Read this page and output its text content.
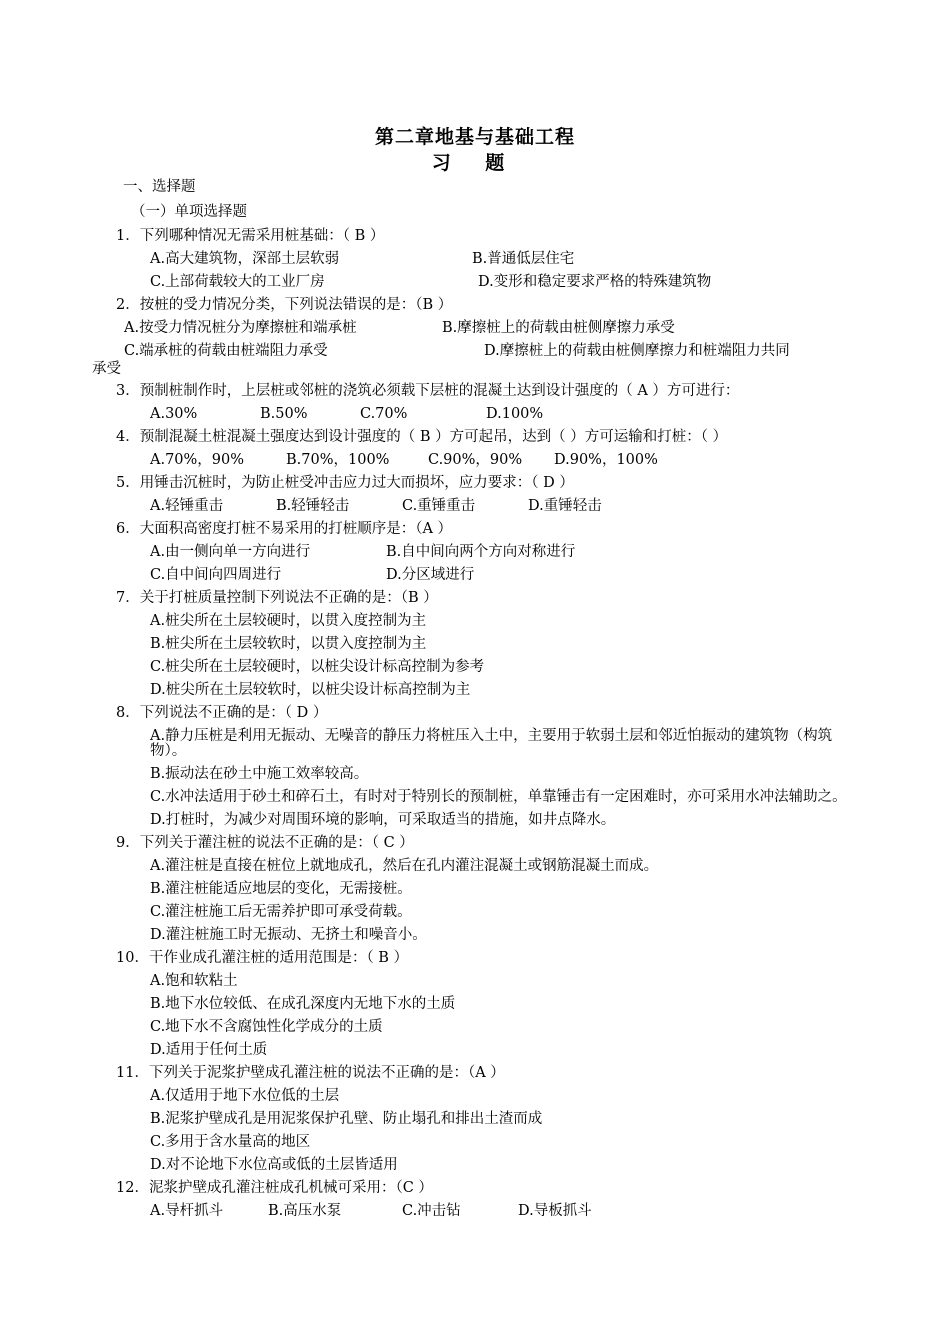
第二章地基与基础工程
习 题
一、选择题
（一）单项选择题
1．下列哪种情况无需采用桩基础：（ B ）
A.高大建筑物，深部土层软弱	B.普通低层住宅
C.上部荷载较大的工业厂房	D.变形和稳定要求严格的特殊建筑物
2．按桩的受力情况分类，下列说法错误的是：（B ）
A.按受力情况桩分为摩擦桩和端承桩	B.摩擦桩上的荷载由桩侧摩擦力承受
C.端承桩的荷载由桩端阻力承受	D.摩擦桩上的荷载由桩侧摩擦力和桩端阻力共同
承受
3．预制桩制作时，上层桩或邻桩的浇筑必须载下层桩的混凝土达到设计强度的（ A ）方可进行：
A.30%	B.50%	C.70%	D.100%
4．预制混凝土桩混凝土强度达到设计强度的（ B ）方可起吊，达到（ ）方可运输和打桩：（ ）
A.70%，90%	B.70%，100%	C.90%，90% D.90%，100%
5．用锤击沉桩时，为防止桩受冲击应力过大而损坏，应力要求：（ D ）
A.轻锤重击	B.轻锤轻击	C.重锤重击	D.重锤轻击
6．大面积高密度打桩不易采用的打桩顺序是：（A ）
A.由一侧向单一方向进行	B.自中间向两个方向对称进行
C.自中间向四周进行	D.分区域进行
7．关于打桩质量控制下列说法不正确的是：（B ）
A.桩尖所在土层较硬时，以贯入度控制为主
B.桩尖所在土层较软时，以贯入度控制为主
C.桩尖所在土层较硬时，以桩尖设计标高控制为参考
D.桩尖所在土层较软时，以桩尖设计标高控制为主
8．下列说法不正确的是：（ D ）
A.静力压桩是利用无振动、无噪音的静压力将桩压入土中，主要用于软弱土层和邻近怕振动的建筑物（构筑物）。
B.振动法在砂土中施工效率较高。
C.水冲法适用于砂土和碎石土，有时对于特别长的预制桩，单靠锤击有一定困难时，亦可采用水冲法辅助之。
D.打桩时，为减少对周围环境的影响，可采取适当的措施，如井点降水。
9．下列关于灌注桩的说法不正确的是：（ C ）
A.灌注桩是直接在桩位上就地成孔，然后在孔内灌注混凝土或钢筋混凝土而成。
B.灌注桩能适应地层的变化，无需接桩。
C.灌注桩施工后无需养护即可承受荷载。
D.灌注桩施工时无振动、无挤土和噪音小。
10．干作业成孔灌注桩的适用范围是：（ B ）
A.饱和软粘土
B.地下水位较低、在成孔深度内无地下水的土质
C.地下水不含腐蚀性化学成分的土质
D.适用于任何土质
11．下列关于泥浆护壁成孔灌注桩的说法不正确的是：（A ）
A.仅适用于地下水位低的土层
B.泥浆护壁成孔是用泥浆保护孔壁、防止塌孔和排出土渣而成
C.多用于含水量高的地区
D.对不论地下水位高或低的土层皆适用
12．泥浆护壁成孔灌注桩成孔机械可采用：（C ）
A.导杆抓斗	B.高压水泵	C.冲击钻	D.导板抓斗
